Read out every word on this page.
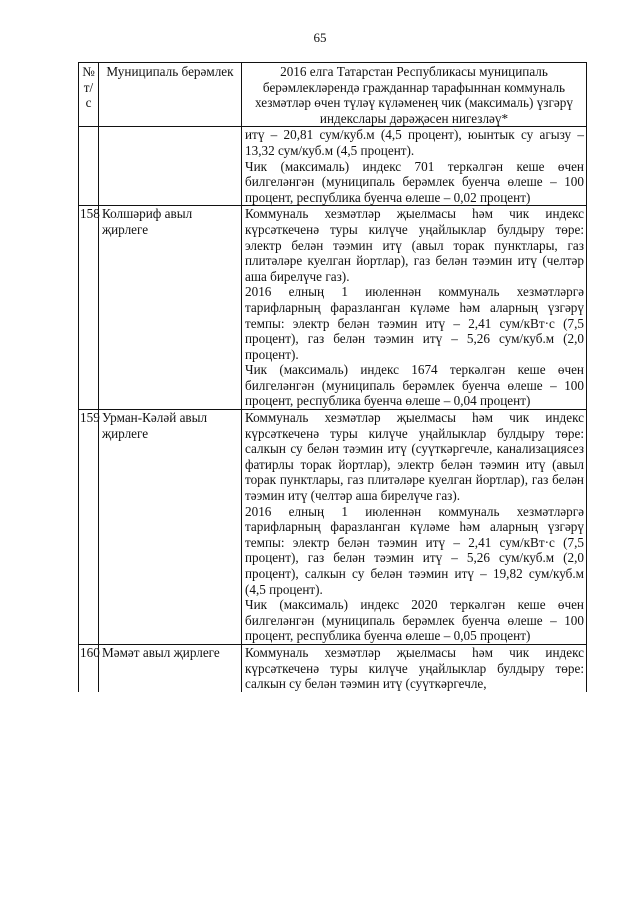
65
№ т/с	Муниципаль берәмлек	2016 елга Татарстан Республикасы муниципаль берәмлекләрендә гражданнар тарафыннан коммуналь хезмәтләр өчен түләү күләменең чик (максималь) үзгәрү индекслары дәрәҗәсен нигезләү*

		итү – 20,81 сум/куб.м (4,5 процент), юынтык су агызу – 13,32 сум/куб.м (4,5 процент).

Чик (максималь) индекс 701 теркәлгән кеше өчен билгеләнгән (муниципаль берәмлек буенча өлеше – 100 процент, республика буенча өлеше – 0,02 процент)

158	Колшәриф авыл җирлеге	Коммуналь хезмәтләр җыелмасы һәм чик индекс күрсәткеченә туры килүче уңайлыклар булдыру төре: электр белән тәэмин итү (авыл торак пунктлары, газ плитәләре куелган йортлар), газ белән тәэмин итү (челтәр аша бирелүче газ).

2016 елның 1 июленнән коммуналь хезмәтләргә тарифларның фаразланган күләме һәм аларның үзгәрү темпы: электр белән тәэмин итү – 2,41 сум/кВт·с (7,5 процент), газ белән тәэмин итү – 5,26 сум/куб.м (2,0 процент).

Чик (максималь) индекс 1674 теркәлгән кеше өчен билгеләнгән (муниципаль берәмлек буенча өлеше – 100 процент, республика буенча өлеше – 0,04 процент)

159	Урман-Кәләй авыл җирлеге	Коммуналь хезмәтләр җыелмасы һәм чик индекс күрсәткеченә туры килүче уңайлыклар булдыру төре: салкын су белән тәэмин итү (суүткәргечле, канализациясез фатирлы торак йортлар), электр белән тәэмин итү (авыл торак пунктлары, газ плитәләре куелган йортлар), газ белән тәэмин итү (челтәр аша бирелүче газ).

2016 елның 1 июленнән коммуналь хезмәтләргә тарифларның фаразланган күләме һәм аларның үзгәрү темпы: электр белән тәэмин итү – 2,41 сум/кВт·с (7,5 процент), газ белән тәэмин итү – 5,26 сум/куб.м (2,0 процент), салкын су белән тәэмин итү – 19,82 сум/куб.м (4,5 процент).

Чик (максималь) индекс 2020 теркәлгән кеше өчен билгеләнгән (муниципаль берәмлек буенча өлеше – 100 процент, республика буенча өлеше – 0,05 процент)

160	Мәмәт авыл җирлеге	Коммуналь хезмәтләр җыелмасы һәм чик индекс күрсәткеченә туры килүче уңайлыклар булдыру төре: салкын су белән тәэмин итү (суүткәргечле,
